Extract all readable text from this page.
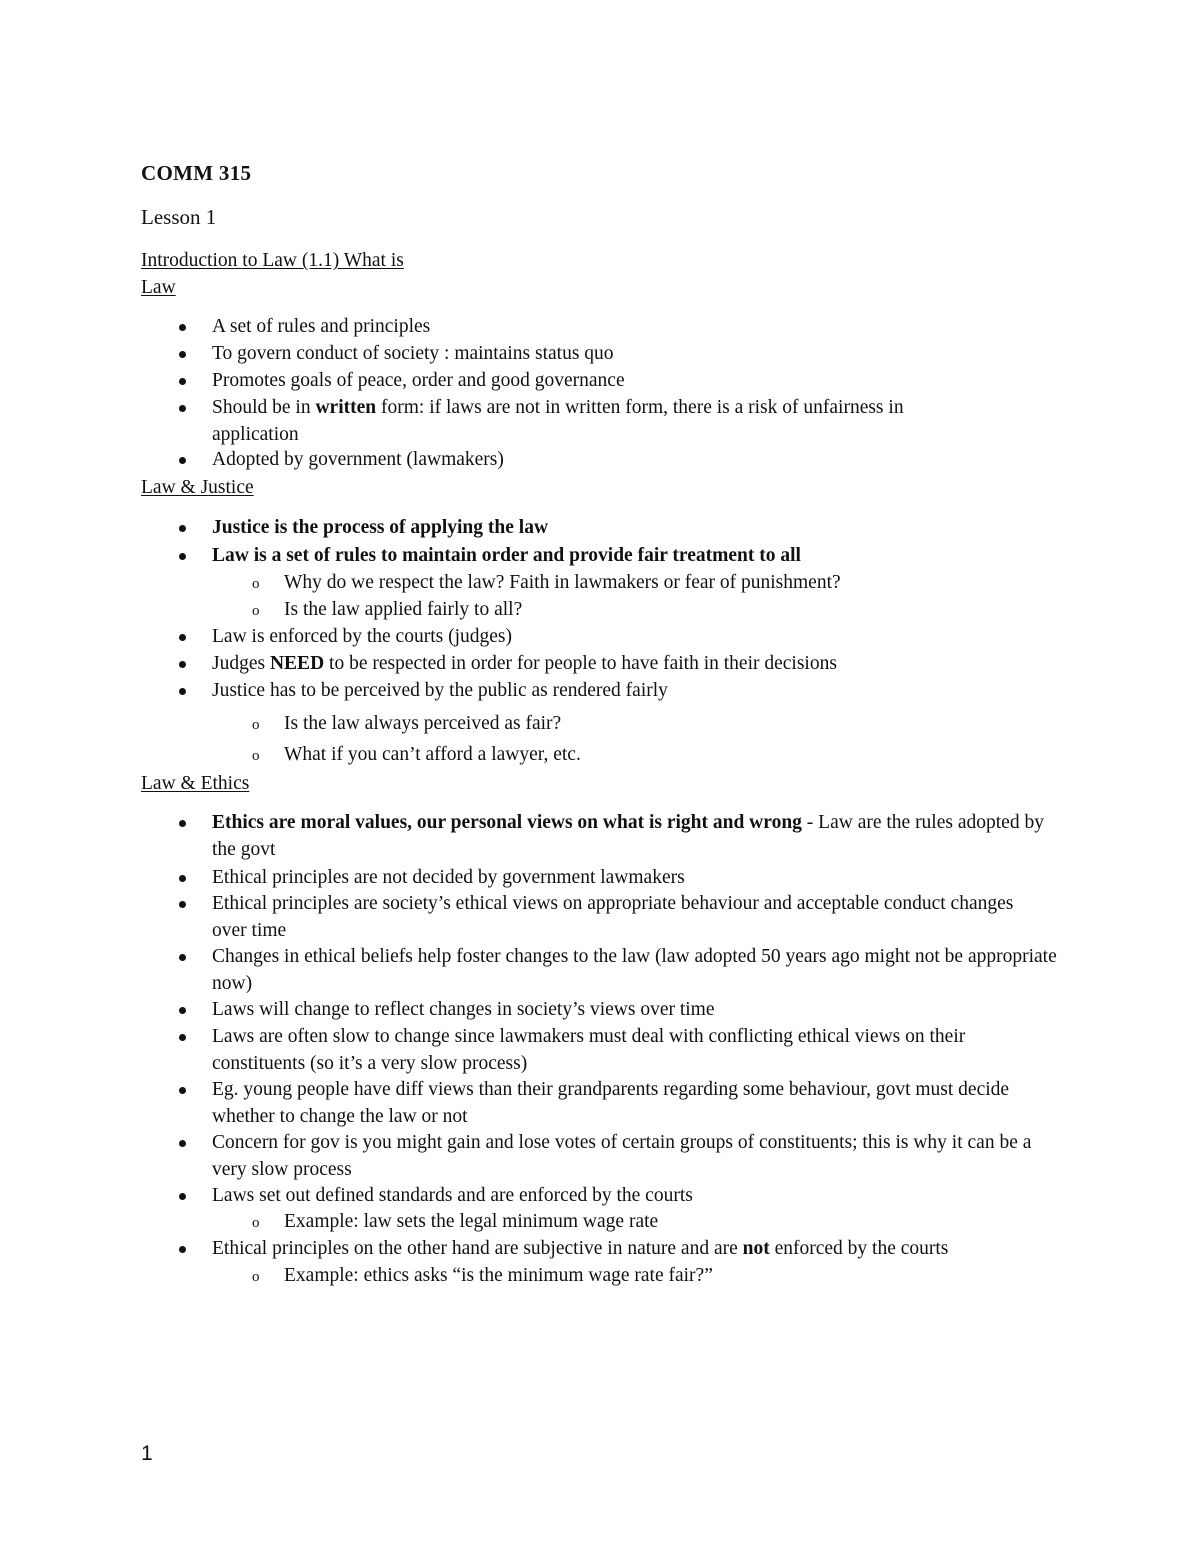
COMM 315
Lesson 1
Introduction to Law (1.1) What is
Law
A set of rules and principles
To govern conduct of society : maintains status quo
Promotes goals of peace, order and good governance
Should be in written form: if laws are not in written form, there is a risk of unfairness in application
Adopted by government (lawmakers)
Law & Justice
Justice is the process of applying the law
Law is a set of rules to maintain order and provide fair treatment to all
o Why do we respect the law? Faith in lawmakers or fear of punishment?
o Is the law applied fairly to all?
Law is enforced by the courts (judges)
Judges NEED to be respected in order for people to have faith in their decisions
Justice has to be perceived by the public as rendered fairly
o Is the law always perceived as fair?
o What if you can’t afford a lawyer, etc.
Law & Ethics
Ethics are moral values, our personal views on what is right and wrong - Law are the rules adopted by the govt
Ethical principles are not decided by government lawmakers
Ethical principles are society’s ethical views on appropriate behaviour and acceptable conduct changes over time
Changes in ethical beliefs help foster changes to the law (law adopted 50 years ago might not be appropriate now)
Laws will change to reflect changes in society’s views over time
Laws are often slow to change since lawmakers must deal with conflicting ethical views on their constituents (so it’s a very slow process)
Eg. young people have diff views than their grandparents regarding some behaviour, govt must decide whether to change the law or not
Concern for gov is you might gain and lose votes of certain groups of constituents; this is why it can be a very slow process
Laws set out defined standards and are enforced by the courts
o Example: law sets the legal minimum wage rate
Ethical principles on the other hand are subjective in nature and are not enforced by the courts
o Example: ethics asks “is the minimum wage rate fair?”
1
